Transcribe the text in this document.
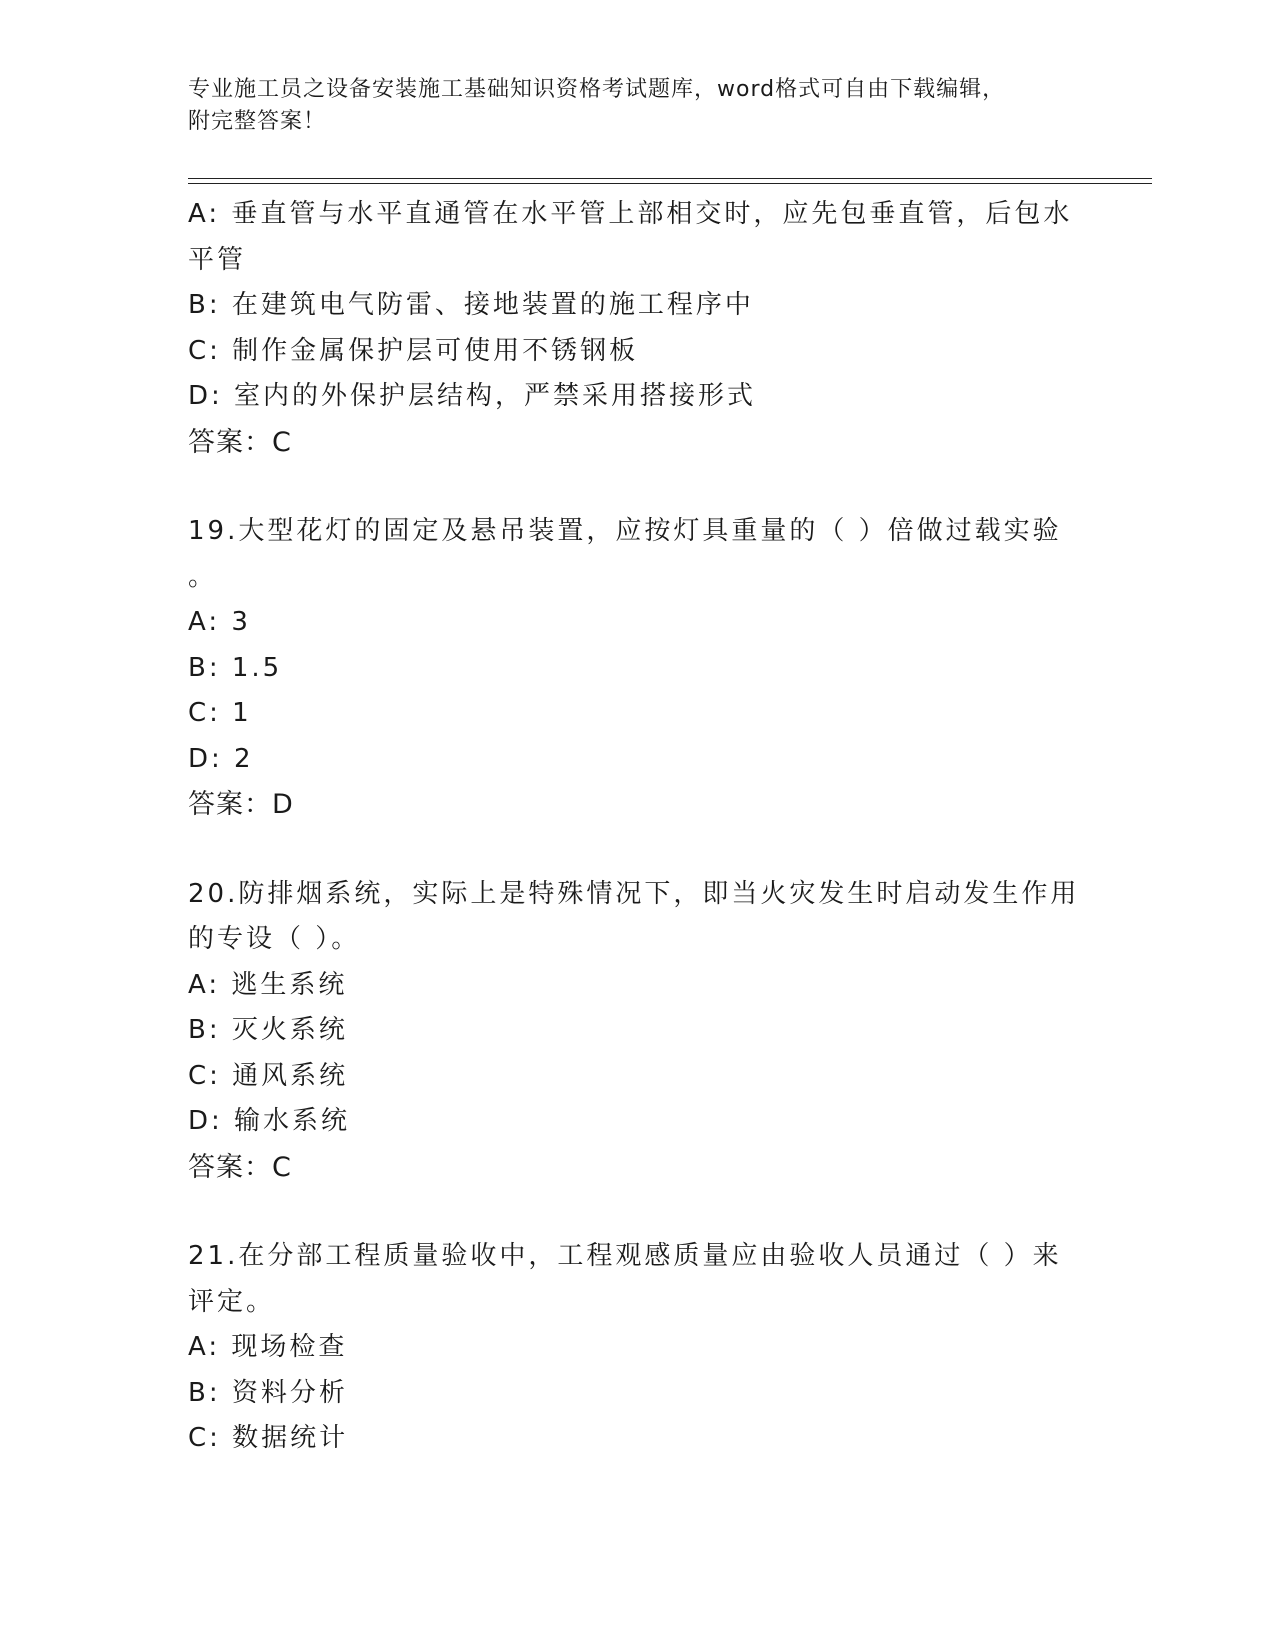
专业施工员之设备安装施工基础知识资格考试题库，word格式可自由下载编辑，
附完整答案！
A: 垂直管与水平直通管在水平管上部相交时，应先包垂直管，后包水
平管
B: 在建筑电气防雷、接地装置的施工程序中
C: 制作金属保护层可使用不锈钢板
D: 室内的外保护层结构，严禁采用搭接形式
答案：C
19.大型花灯的固定及悬吊装置，应按灯具重量的（ ）倍做过载实验
。
A: 3
B: 1.5
C: 1
D: 2
答案：D
20.防排烟系统，实际上是特殊情况下，即当火灾发生时启动发生作用
的专设（ ）。
A: 逃生系统
B: 灭火系统
C: 通风系统
D: 输水系统
答案：C
21.在分部工程质量验收中，工程观感质量应由验收人员通过（ ）来
评定。
A: 现场检查
B: 资料分析
C: 数据统计
